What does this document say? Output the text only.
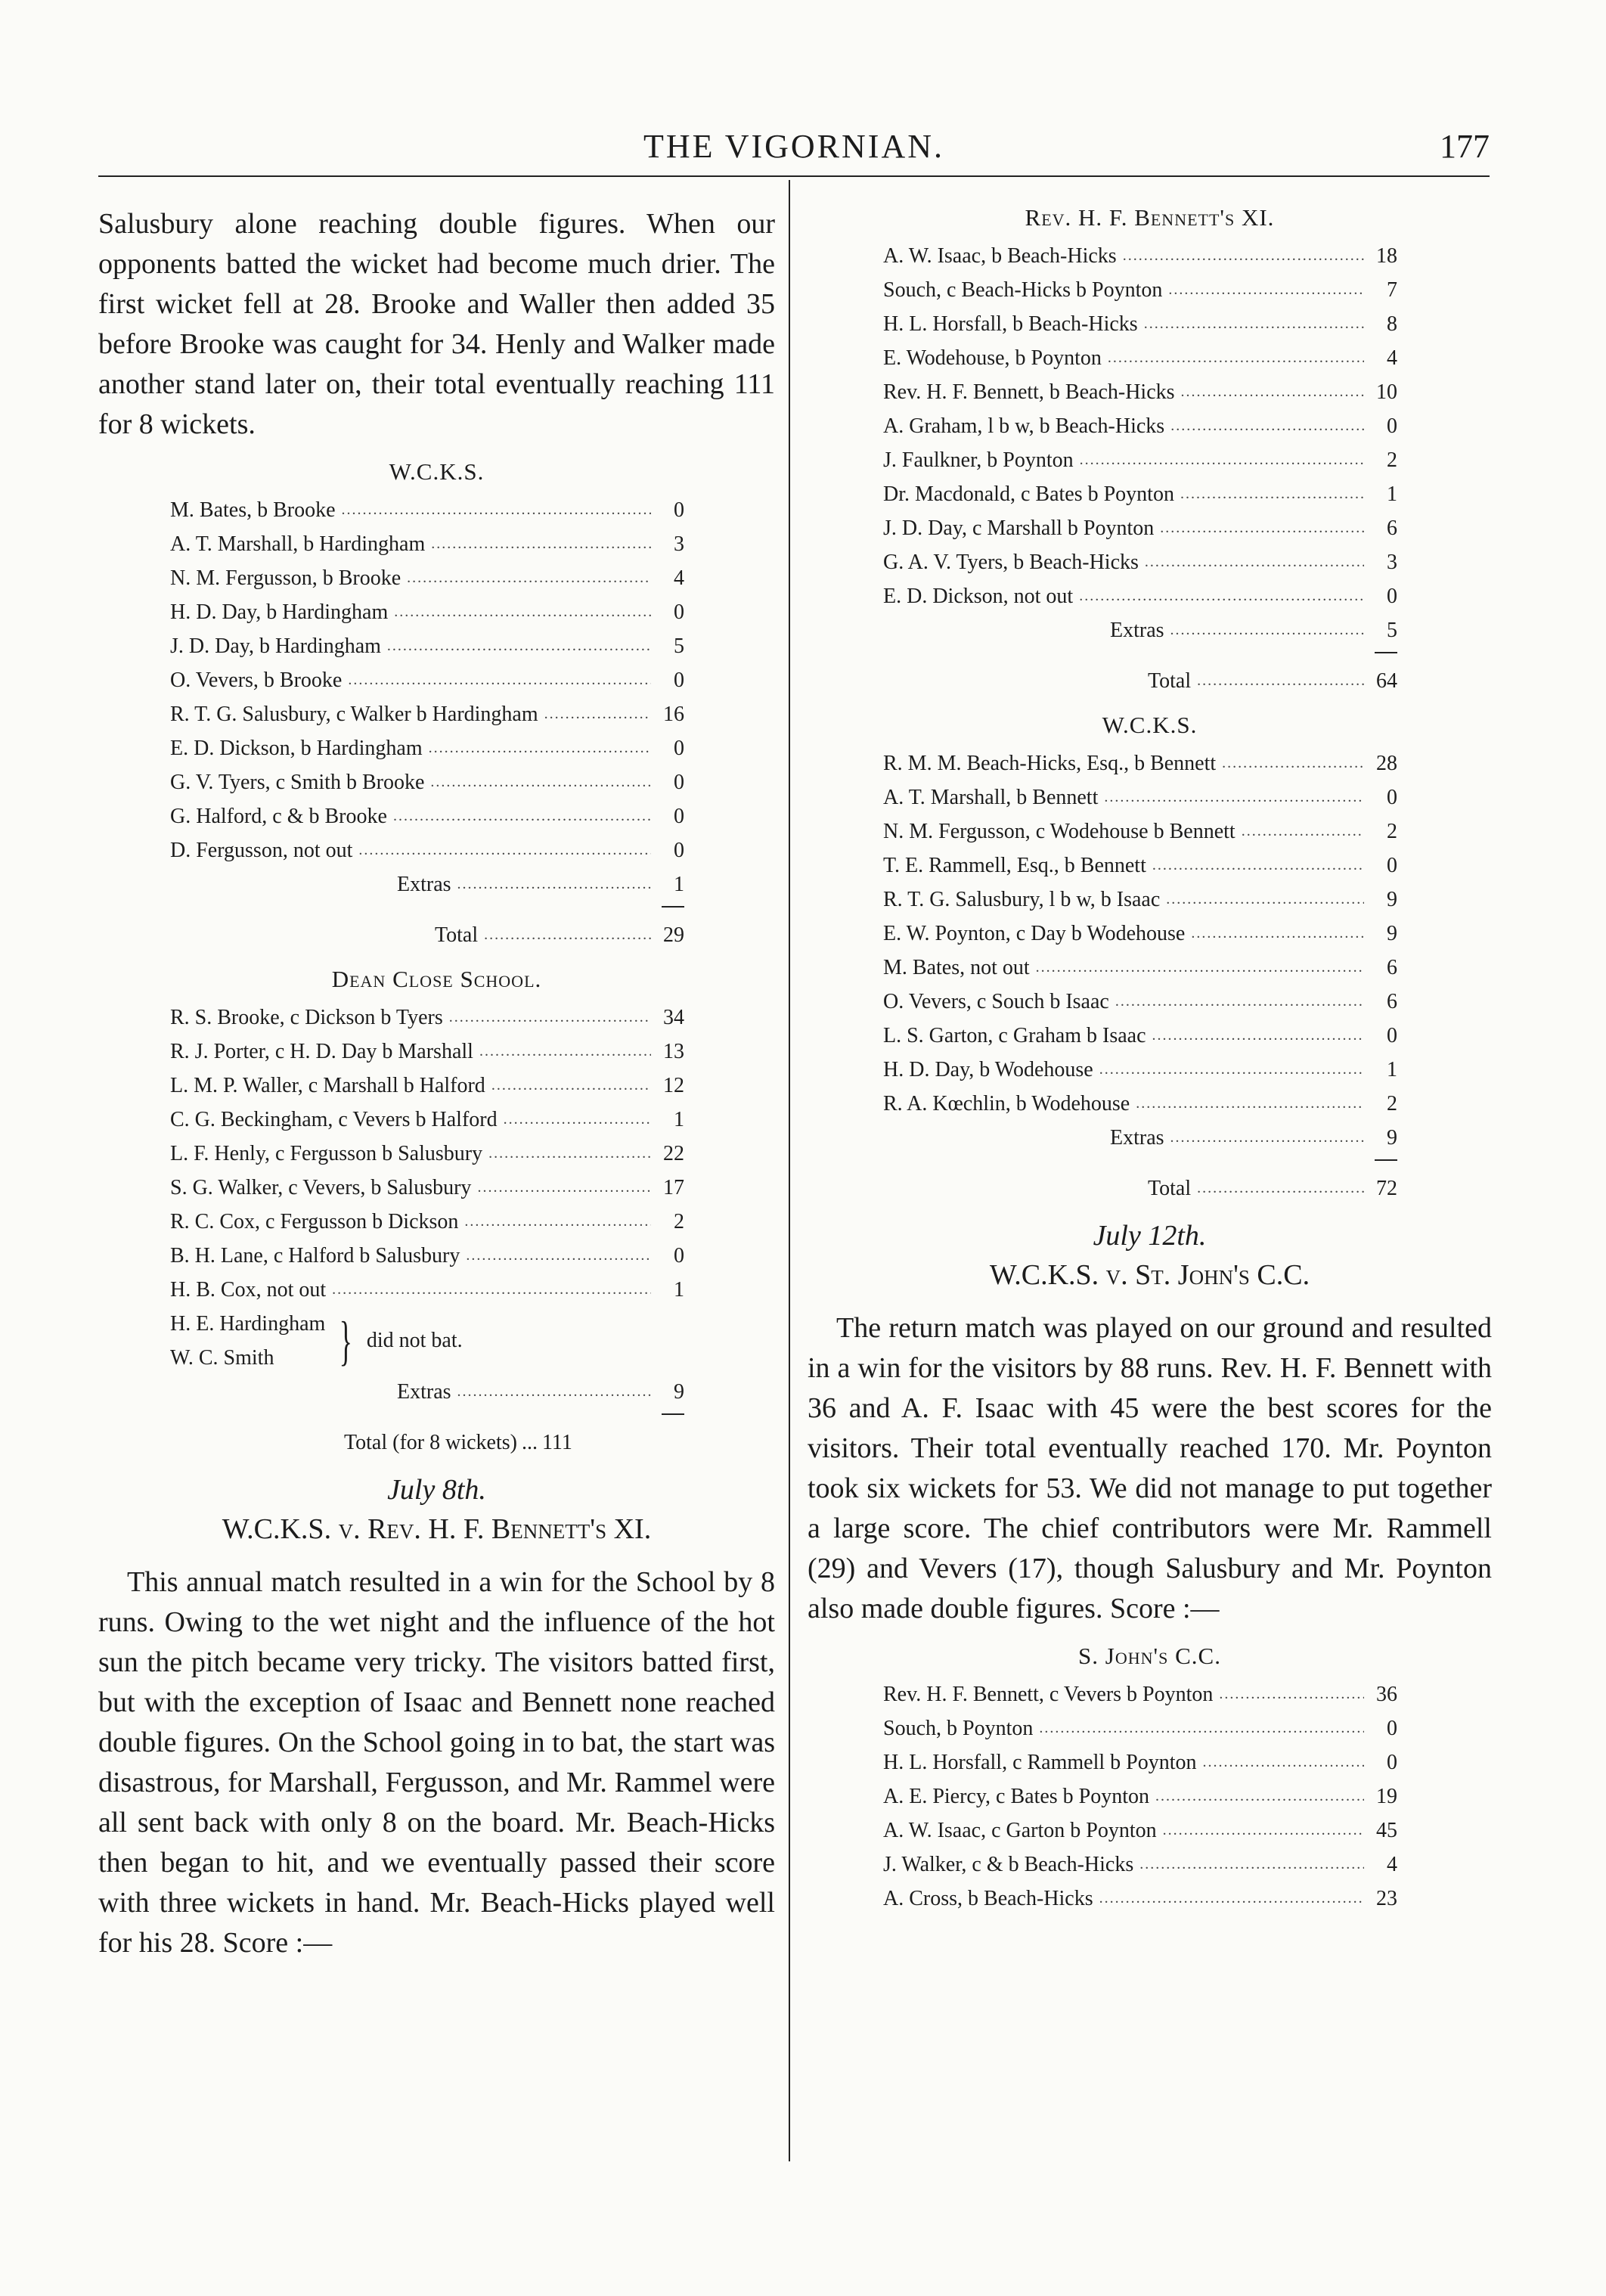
THE VIGORNIAN.	177

Salusbury alone reaching double figures. When our opponents batted the wicket had become much drier. The first wicket fell at 28. Brooke and Waller then added 35 before Brooke was caught for 34. Henly and Walker made another stand later on, their total eventually reaching 111 for 8 wickets.

W.C.K.S.
M. Bates, b Brooke .....	0
A. T. Marshall, b Hardingham .....	3
N. M. Fergusson, b Brooke .....	4
H. D. Day, b Hardingham .....	0
J. D. Day, b Hardingham .....	5
O. Vevers, b Brooke .....	0
R. T. G. Salusbury, c Walker b Hardingham .....	16
E. D. Dickson, b Hardingham .....	0
G. V. Tyers, c Smith b Brooke .....	0
G. Halford, c & b Brooke .....	0
D. Fergusson, not out .....	0
Extras .....	1
Total .....	29
Dean Close School.
R. S. Brooke, c Dickson b Tyers .....	34
R. J. Porter, c H. D. Day b Marshall .....	13
L. M. P. Waller, c Marshall b Halford .....	12
C. G. Beckingham, c Vevers b Halford .....	1
L. F. Henly, c Fergusson b Salusbury .....	22
S. G. Walker, c Vevers, b Salusbury .....	17
R. C. Cox, c Fergusson b Dickson .....	2
B. H. Lane, c Halford b Salusbury .....	0
H. B. Cox, not out .....	1
H. E. Hardingham
W. C. Smith	} did not bat.
Extras .....	9
Total (for 8 wickets) ... 111
July 8th.
W.C.K.S. v. Rev. H. F. Bennett's XI.

This annual match resulted in a win for the School by 8 runs. Owing to the wet night and the influence of the hot sun the pitch became very tricky. The visitors batted first, but with the exception of Isaac and Bennett none reached double figures. On the School going in to bat, the start was disastrous, for Marshall, Fergusson, and Mr. Rammel were all sent back with only 8 on the board. Mr. Beach-Hicks then began to hit, and we eventually passed their score with three wickets in hand. Mr. Beach-Hicks played well for his 28. Score :—

Rev. H. F. Bennett's XI.
A. W. Isaac, b Beach-Hicks .....	18
Souch, c Beach-Hicks b Poynton .....	7
H. L. Horsfall, b Beach-Hicks .....	8
E. Wodehouse, b Poynton .....	4
Rev. H. F. Bennett, b Beach-Hicks .....	10
A. Graham, l b w, b Beach-Hicks .....	0
J. Faulkner, b Poynton .....	2
Dr. Macdonald, c Bates b Poynton .....	1
J. D. Day, c Marshall b Poynton .....	6
G. A. V. Tyers, b Beach-Hicks .....	3
E. D. Dickson, not out .....	0
Extras .....	5
Total .....	64
W.C.K.S.
R. M. M. Beach-Hicks, Esq., b Bennett .....	28
A. T. Marshall, b Bennett .....	0
N. M. Fergusson, c Wodehouse b Bennett .....	2
T. E. Rammell, Esq., b Bennett .....	0
R. T. G. Salusbury, l b w, b Isaac .....	9
E. W. Poynton, c Day b Wodehouse .....	9
M. Bates, not out .....	6
O. Vevers, c Souch b Isaac .....	6
L. S. Garton, c Graham b Isaac .....	0
H. D. Day, b Wodehouse .....	1
R. A. Kœchlin, b Wodehouse .....	2
Extras .....	9
Total .....	72
July 12th.
W.C.K.S. v. St. John's C.C.

The return match was played on our ground and resulted in a win for the visitors by 88 runs. Rev. H. F. Bennett with 36 and A. F. Isaac with 45 were the best scores for the visitors. Their total eventually reached 170. Mr. Poynton took six wickets for 53. We did not manage to put together a large score. The chief contributors were Mr. Rammell (29) and Vevers (17), though Salusbury and Mr. Poynton also made double figures. Score :—

S. John's C.C.
Rev. H. F. Bennett, c Vevers b Poynton .....	36
Souch, b Poynton .....	0
H. L. Horsfall, c Rammell b Poynton .....	0
A. E. Piercy, c Bates b Poynton .....	19
A. W. Isaac, c Garton b Poynton .....	45
J. Walker, c & b Beach-Hicks .....	4
A. Cross, b Beach-Hicks .....	23
